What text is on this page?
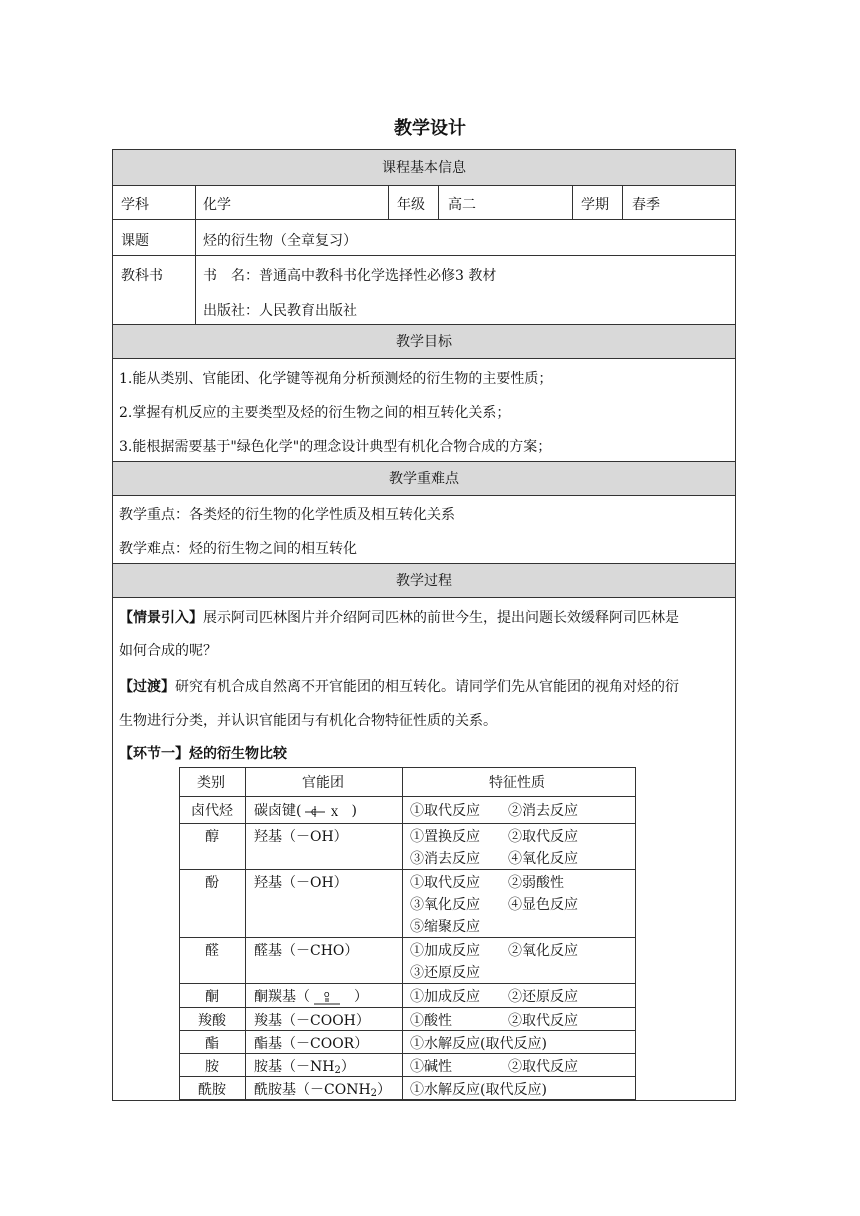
教学设计
课程基本信息
学科	化学	年级 高二	学期 春季
课题	烃的衍生物（全章复习）
教科书	书　名：普通高中教科书化学选择性必修3 教材
出版社：人民教育出版社
教学目标
1.能从类别、官能团、化学键等视角分析预测烃的衍生物的主要性质；
2.掌握有机反应的主要类型及烃的衍生物之间的相互转化关系；
3.能根据需要基于"绿色化学"的理念设计典型有机化合物合成的方案；
教学重难点
教学重点：各类烃的衍生物的化学性质及相互转化关系
教学难点：烃的衍生物之间的相互转化
教学过程
【情景引入】展示阿司匹林图片并介绍阿司匹林的前世今生，提出问题长效缓释阿司匹林是
如何合成的呢？
【过渡】研究有机合成自然离不开官能团的相互转化。请同学们先从官能团的视角对烃的衍
生物进行分类，并认识官能团与有机化合物特征性质的关系。
【环节一】烃的衍生物比较
类别	官能团	特征性质
卤代烃 碳卤键( C X )	①取代反应　　②消去反应
醇	羟基（－OH）	①置换反应　　②取代反应
③消去反应　　④氧化反应
酚	羟基（－OH）	①取代反应　　②弱酸性
③氧化反应　　④显色反应
⑤缩聚反应
醛	醛基（－CHO）	①加成反应　　②氧化反应
③还原反应
酮	酮羰基（ O ）	①加成反应　　②还原反应
羧酸 羧基（－COOH）	①酸性　　　　②取代反应
酯	酯基（－COOR）	①水解反应(取代反应)
胺	胺基$(-NH_2)$	①碱性　　　　②取代反应
酰胺 酰胺基$(-CONH_2)$ ①水解反应(取代反应)
